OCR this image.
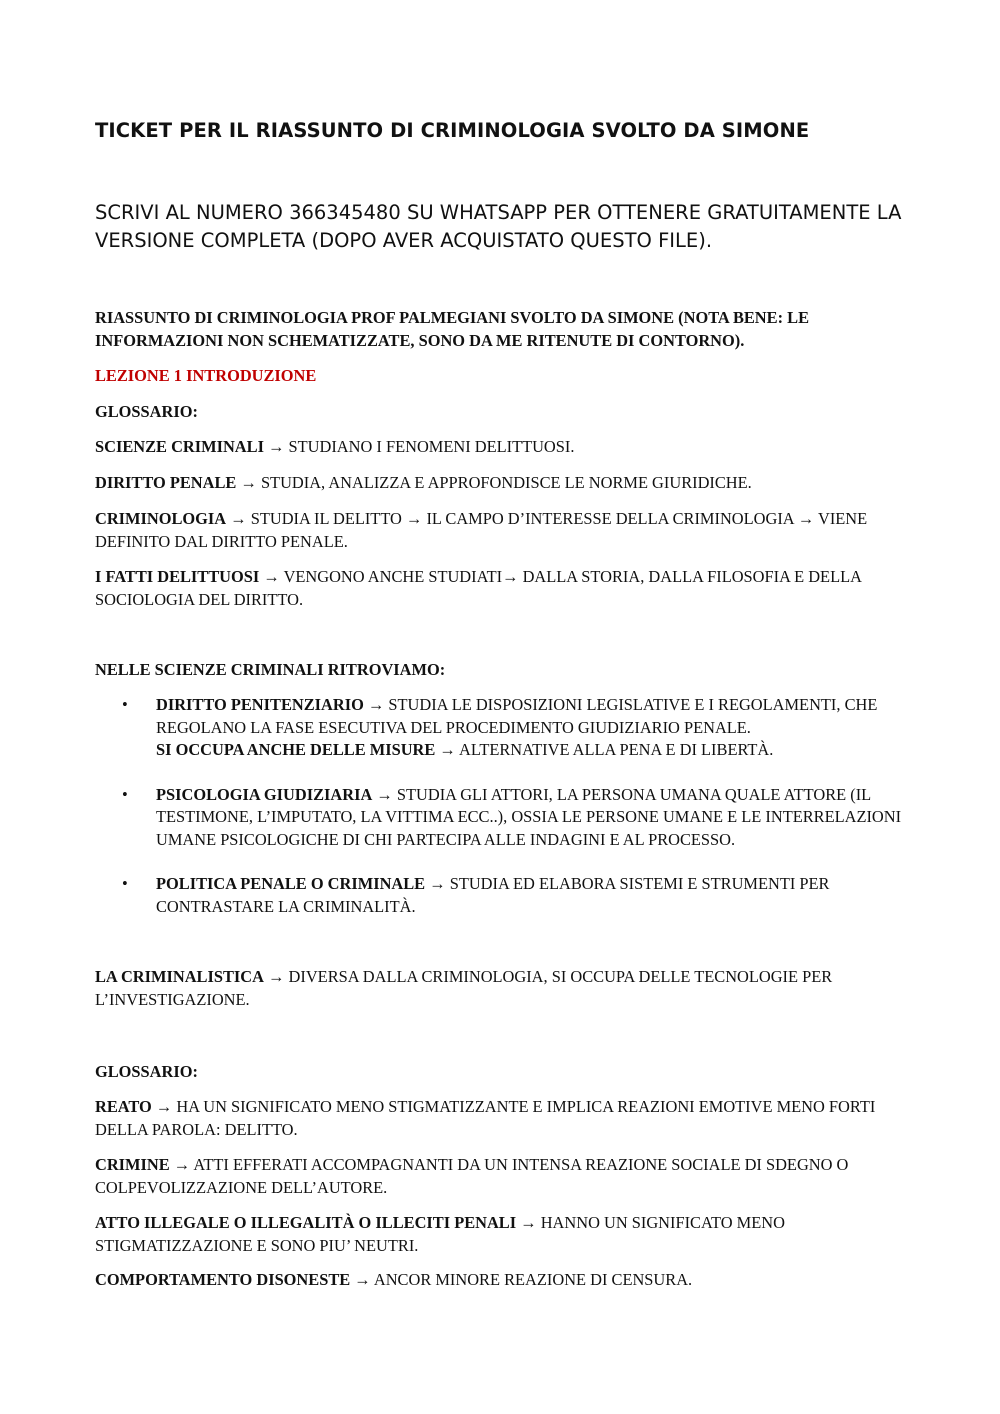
TICKET PER IL RIASSUNTO DI CRIMINOLOGIA SVOLTO DA SIMONE

SCRIVI AL NUMERO 366345480 SU WHATSAPP PER OTTENERE GRATUITAMENTE LA VERSIONE COMPLETA (DOPO AVER ACQUISTATO QUESTO FILE).

RIASSUNTO DI CRIMINOLOGIA PROF PALMEGIANI SVOLTO DA SIMONE (NOTA BENE: LE INFORMAZIONI NON SCHEMATIZZATE, SONO DA ME RITENUTE DI CONTORNO).

LEZIONE 1 INTRODUZIONE

GLOSSARIO:

SCIENZE CRIMINALI → STUDIANO I FENOMENI DELITTUOSI.

DIRITTO PENALE → STUDIA, ANALIZZA E APPROFONDISCE LE NORME GIURIDICHE.

CRIMINOLOGIA → STUDIA IL DELITTO → IL CAMPO D’INTERESSE DELLA CRIMINOLOGIA → VIENE DEFINITO DAL DIRITTO PENALE.

I FATTI DELITTUOSI → VENGONO ANCHE STUDIATI→ DALLA STORIA, DALLA FILOSOFIA E DELLA SOCIOLOGIA DEL DIRITTO.

NELLE SCIENZE CRIMINALI RITROVIAMO:

• DIRITTO PENITENZIARIO → STUDIA LE DISPOSIZIONI LEGISLATIVE E I REGOLAMENTI, CHE REGOLANO LA FASE ESECUTIVA DEL PROCEDIMENTO GIUDIZIARIO PENALE.
SI OCCUPA ANCHE DELLE MISURE → ALTERNATIVE ALLA PENA E DI LIBERTÀ.
• PSICOLOGIA GIUDIZIARIA → STUDIA GLI ATTORI, LA PERSONA UMANA QUALE ATTORE (IL TESTIMONE, L’IMPUTATO, LA VITTIMA ECC..), OSSIA LE PERSONE UMANE E LE INTERRELAZIONI UMANE PSICOLOGICHE DI CHI PARTECIPA ALLE INDAGINI E AL PROCESSO.
• POLITICA PENALE O CRIMINALE → STUDIA ED ELABORA SISTEMI E STRUMENTI PER CONTRASTARE LA CRIMINALITÀ.

LA CRIMINALISTICA → DIVERSA DALLA CRIMINOLOGIA, SI OCCUPA DELLE TECNOLOGIE PER L’INVESTIGAZIONE.

GLOSSARIO:

REATO → HA UN SIGNIFICATO MENO STIGMATIZZANTE E IMPLICA REAZIONI EMOTIVE MENO FORTI DELLA PAROLA: DELITTO.

CRIMINE → ATTI EFFERATI ACCOMPAGNANTI DA UN INTENSA REAZIONE SOCIALE DI SDEGNO O COLPEVOLIZZAZIONE DELL’AUTORE.

ATTO ILLEGALE O ILLEGALITÀ O ILLECITI PENALI → HANNO UN SIGNIFICATO MENO STIGMATIZZAZIONE E SONO PIU’ NEUTRI.

COMPORTAMENTO DISONESTE → ANCOR MINORE REAZIONE DI CENSURA.
